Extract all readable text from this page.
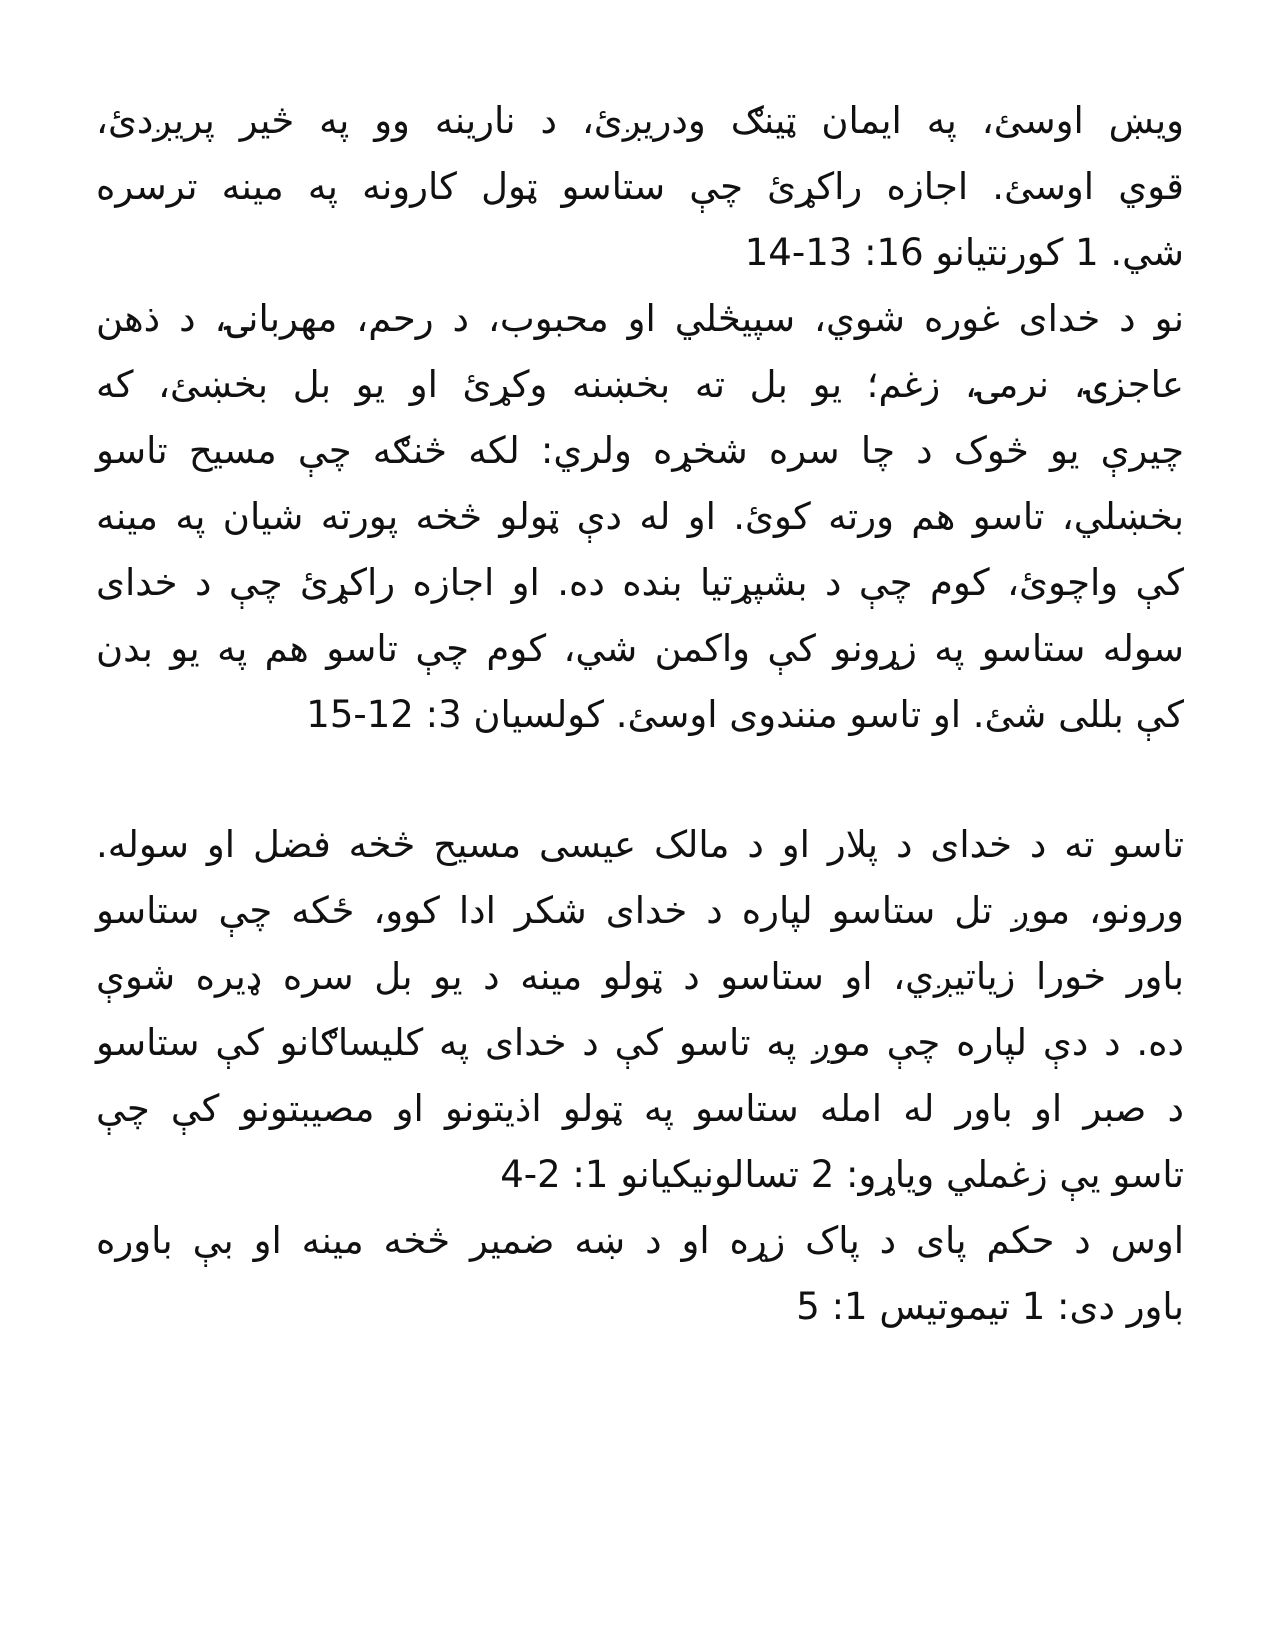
ویښ اوسئ، په ایمان ټینګ ودریږئ، د نارینه وو په څیر پریږدئ،
قوي اوسئ. اجازه راکړئ چې ستاسو ټول کارونه په مینه ترسره
شي. 1 کورنتیانو 16: 13-14
نو د خدای غوره شوي، سپیڅلي او محبوب، د رحم، مهربانۍ، د ذهن
عاجزۍ، نرمۍ، زغم؛ یو بل ته بخښنه وکړئ او یو بل بخښئ، که
چیرې یو څوک د چا سره شخړه ولري: لکه څنګه چې مسیح تاسو
بخښلي، تاسو هم ورته کوئ. او له دې ټولو څخه پورته شیان په مینه
کې واچوئ، کوم چې د بشپړتیا بنده ده. او اجازه راکړئ چې د خدای
سوله ستاسو په زړونو کې واکمن شي، کوم چې تاسو هم په یو بدن
کې بللی شئ. او تاسو منندوی اوسئ. کولسیان 3: 12-15
تاسو ته د خدای د پلار او د مالک عیسی مسیح څخه فضل او سوله.
ورونو، موږ تل ستاسو لپاره د خدای شکر ادا کوو، ځکه چې ستاسو
باور خورا زیاتیږي، او ستاسو د ټولو مینه د یو بل سره ډیره شوې
ده. د دې لپاره چې موږ په تاسو کې د خدای په کلیساګانو کې ستاسو
د صبر او باور له امله ستاسو په ټولو اذیتونو او مصیبتونو کې چې
تاسو یې زغملي ویاړو: 2 تسالونیکیانو 1: 2-4
اوس د حکم پای د پاک زړه او د ښه ضمیر څخه مینه او بې باوره
باور دی: 1 تیموتیس 1: 5
